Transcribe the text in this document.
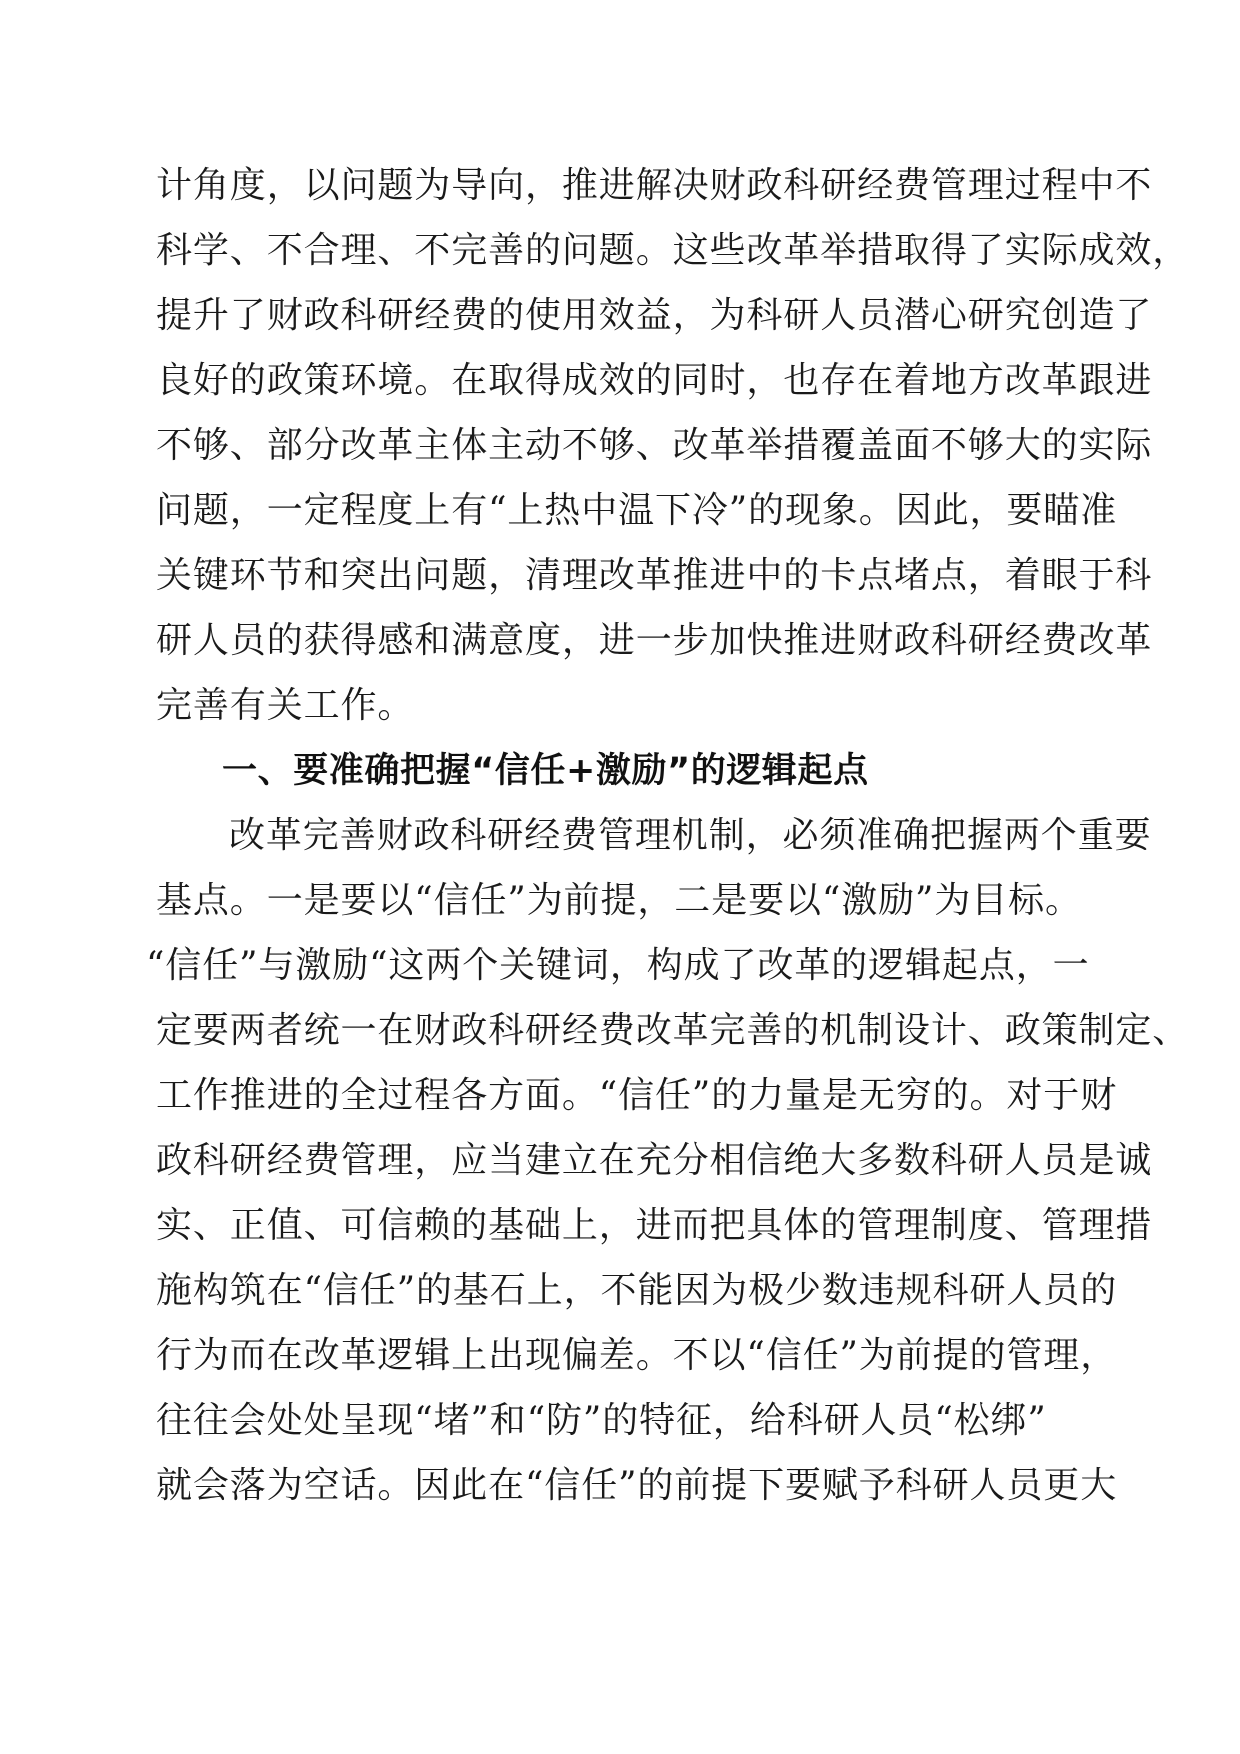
计角度，以问题为导向，推进解决财政科研经费管理过程中不
科学、不合理、不完善的问题。这些改革举措取得了实际成效，
提升了财政科研经费的使用效益，为科研人员潜心研究创造了
良好的政策环境。在取得成效的同时，也存在着地方改革跟进
不够、部分改革主体主动不够、改革举措覆盖面不够大的实际
问题，一定程度上有“上热中温下冷”的现象。因此，要瞄准
关键环节和突出问题，清理改革推进中的卡点堵点，着眼于科
研人员的获得感和满意度，进一步加快推进财政科研经费改革
完善有关工作。
一、要准确把握“信任+激励”的逻辑起点
改革完善财政科研经费管理机制，必须准确把握两个重要
基点。一是要以“信任”为前提，二是要以“激励”为目标。
“信任”与激励“这两个关键词，构成了改革的逻辑起点，一
定要两者统一在财政科研经费改革完善的机制设计、政策制定、
工作推进的全过程各方面。“信任”的力量是无穷的。对于财
政科研经费管理，应当建立在充分相信绝大多数科研人员是诚
实、正值、可信赖的基础上，进而把具体的管理制度、管理措
施构筑在“信任”的基石上，不能因为极少数违规科研人员的
行为而在改革逻辑上出现偏差。不以“信任”为前提的管理，
往往会处处呈现“堵”和“防”的特征，给科研人员“松绑”
就会落为空话。因此在“信任”的前提下要赋予科研人员更大
